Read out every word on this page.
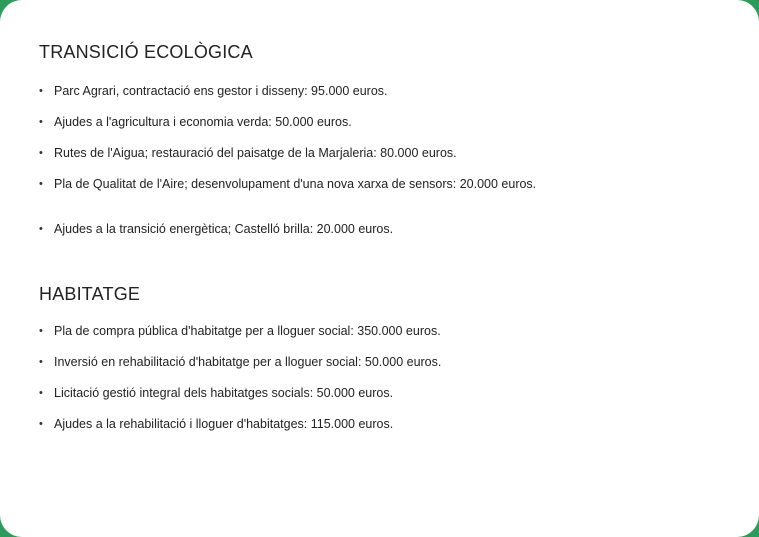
TRANSICIÓ ECOLÒGICA
• Parc Agrari, contractació ens gestor i disseny: 95.000 euros.
• Ajudes a l'agricultura i economia verda: 50.000 euros.
• Rutes de l'Aigua; restauració del paisatge de la Marjaleria: 80.000 euros.
• Pla de Qualitat de l'Aire; desenvolupament d'una nova xarxa de sensors: 20.000 euros.
• Ajudes a la transició energètica; Castelló brilla: 20.000 euros.
HABITATGE
• Pla de compra pública d'habitatge per a lloguer social: 350.000 euros.
• Inversió en rehabilitació d'habitatge per a lloguer social: 50.000 euros.
• Licitació gestió integral dels habitatges socials: 50.000 euros.
• Ajudes a la rehabilitació i lloguer d'habitatges: 115.000 euros.
